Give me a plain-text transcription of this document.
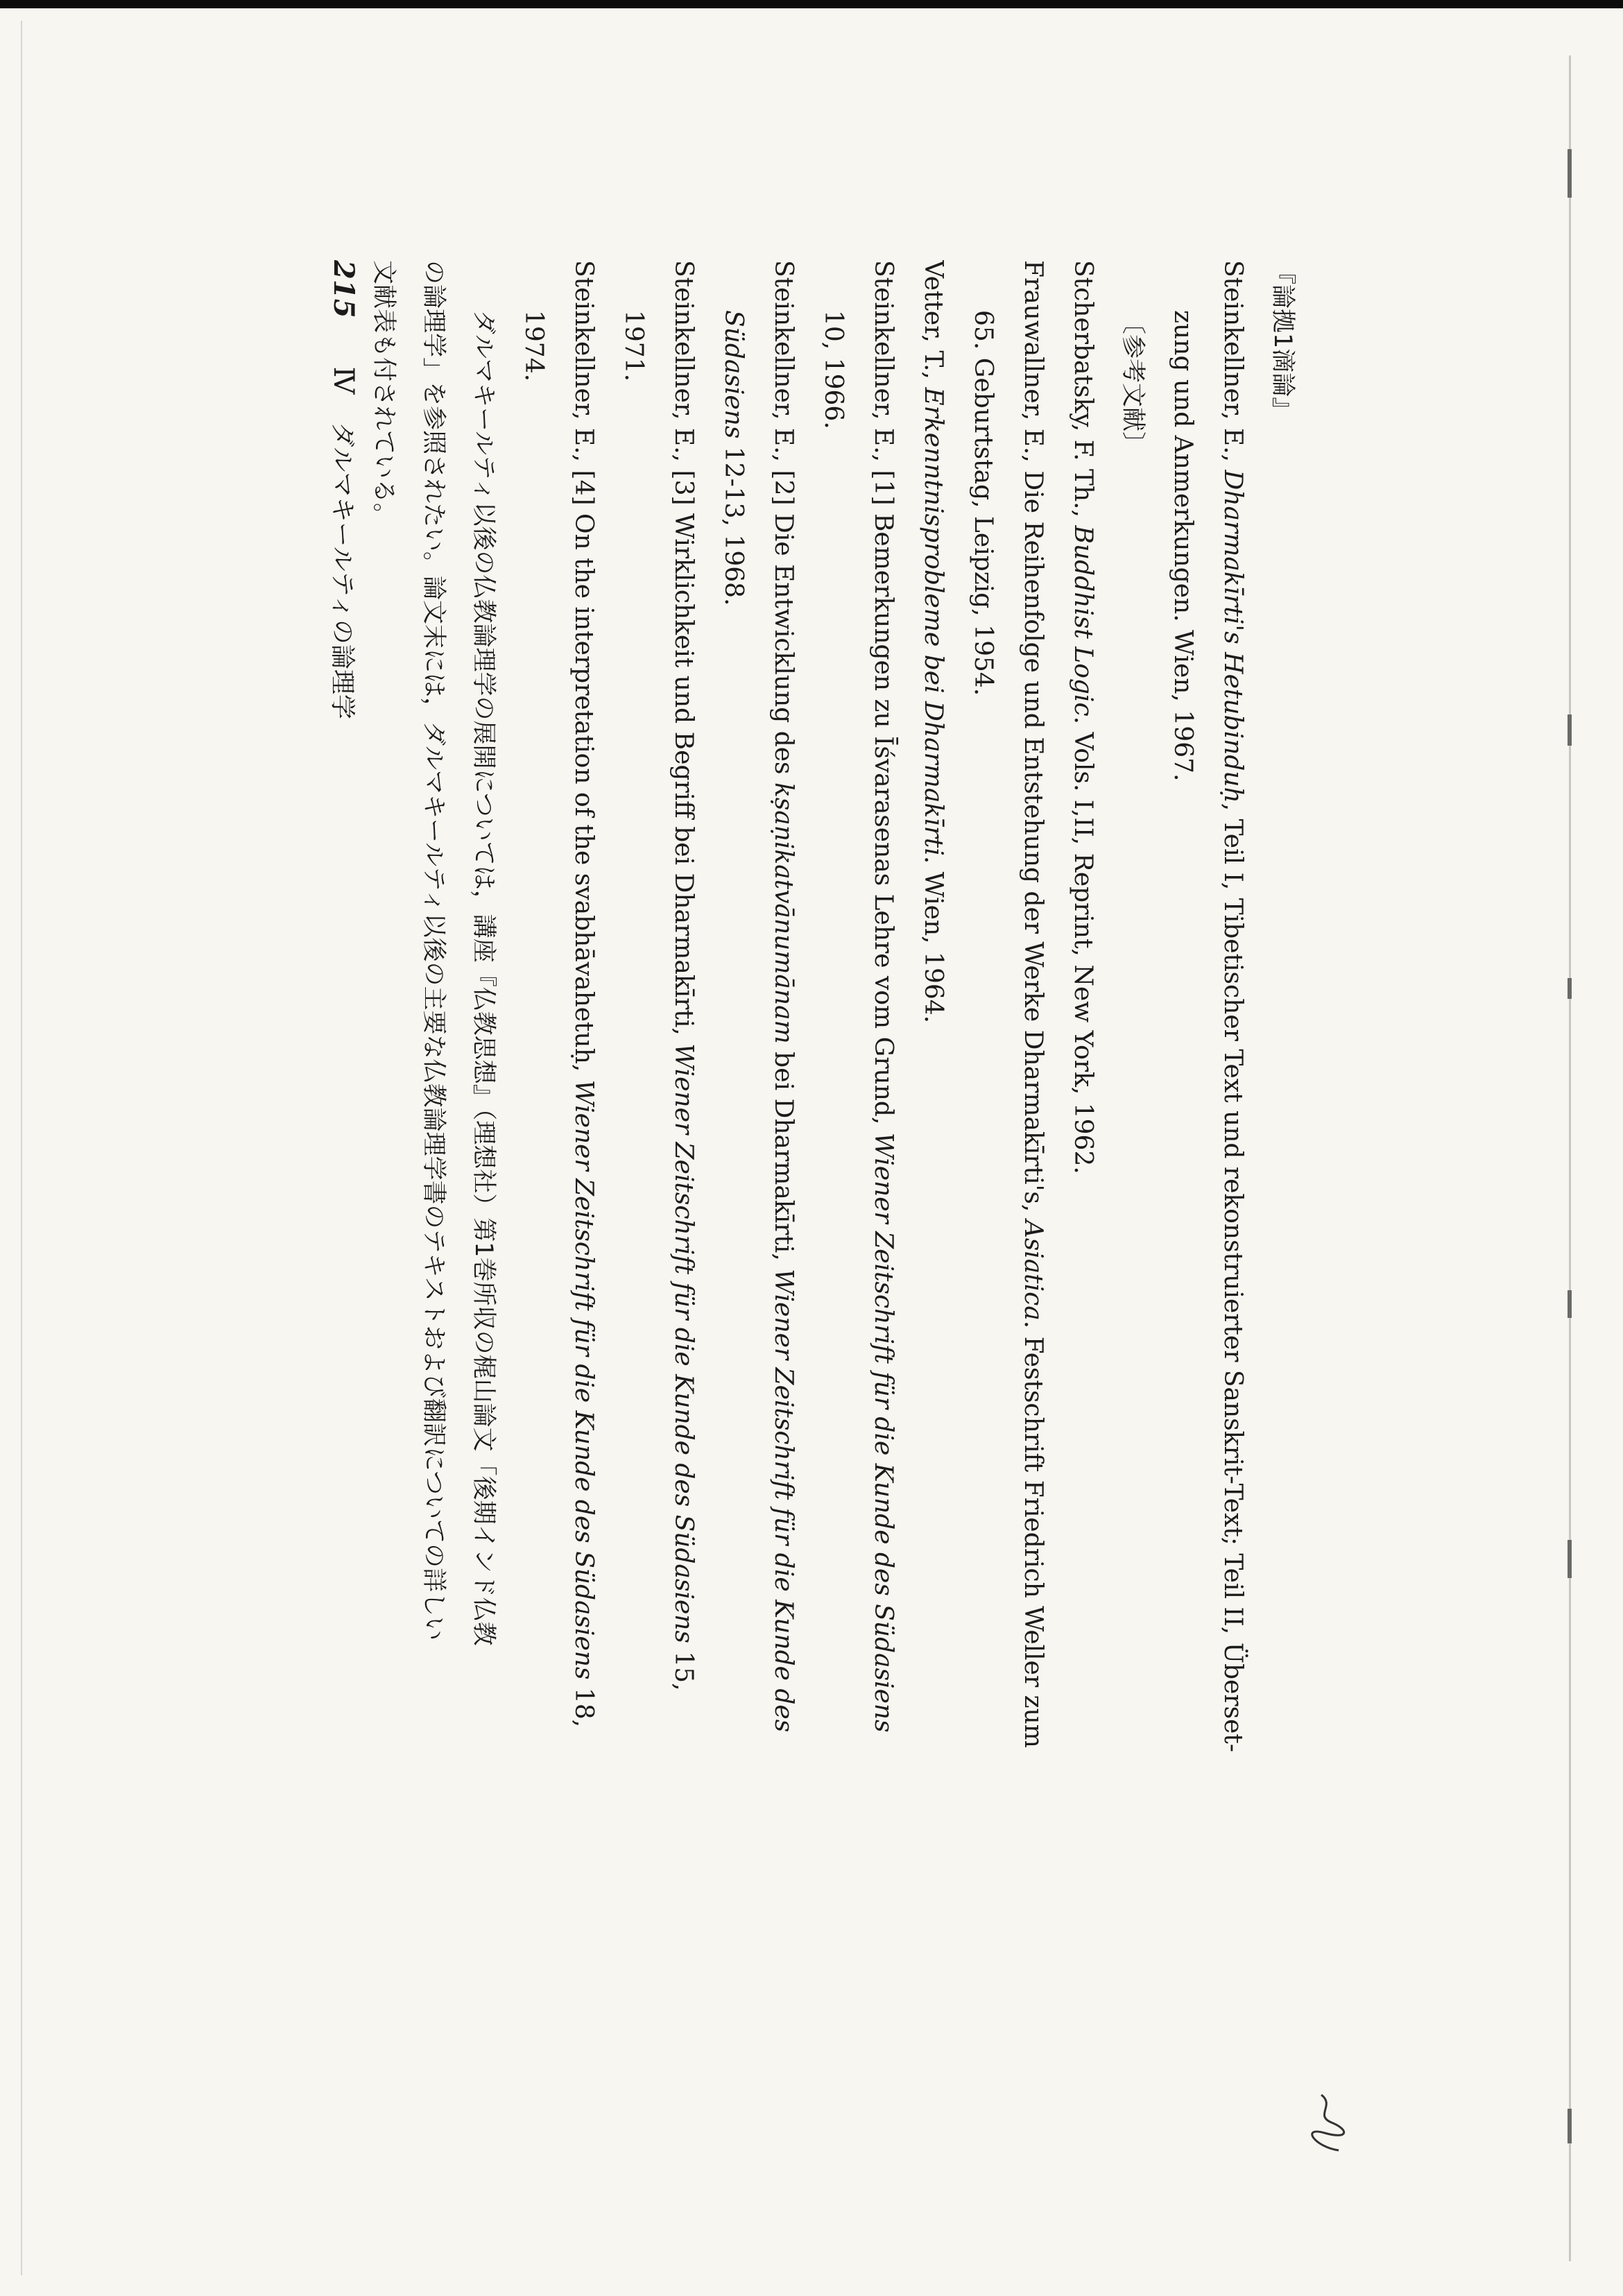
『論拠1滴論』
Steinkellner, E., Dharmakīrti's Hetubinduḥ, Teil I, Tibetischer Text und rekonstruierter Sanskrit-Text; Teil II, Überset-
zung und Anmerkungen. Wien, 1967.
〔参考文献〕
Stcherbatsky, F. Th., Buddhist Logic. Vols. I,II, Reprint, New York, 1962.
Frauwallner, E., Die Reihenfolge und Entstehung der Werke Dharmakīrti's, Asiatica. Festschrift Friedrich Weller zum
65. Geburtstag, Leipzig, 1954.
Vetter, T., Erkenntnisprobleme bei Dharmakīrti. Wien, 1964.
Steinkellner, E., [1] Bemerkungen zu Īśvarasenas Lehre vom Grund, Wiener Zeitschrift für die Kunde des Südasiens
10, 1966.
Steinkellner, E., [2] Die Entwicklung des kṣaṇikatvānumānam bei Dharmakīrti, Wiener Zeitschrift für die Kunde des
Südasiens 12-13, 1968.
Steinkellner, E., [3] Wirklichkeit und Begriff bei Dharmakīrti, Wiener Zeitschrift für die Kunde des Südasiens 15,
1971.
Steinkellner, E., [4] On the interpretation of the svabhāvahetuḥ, Wiener Zeitschrift für die Kunde des Südasiens 18,
1974.
ダルマキールティ以後の仏教論理学の展開については，講座『仏教思想』（理想社）第1巻所収の梶山論文「後期インド仏教
の論理学」を参照されたい。論文末には，ダルマキールティ以後の主要な仏教論理学書のテキストおよび翻訳についての詳しい
文献表も付されている。
215Ⅳダルマキールティの論理学
